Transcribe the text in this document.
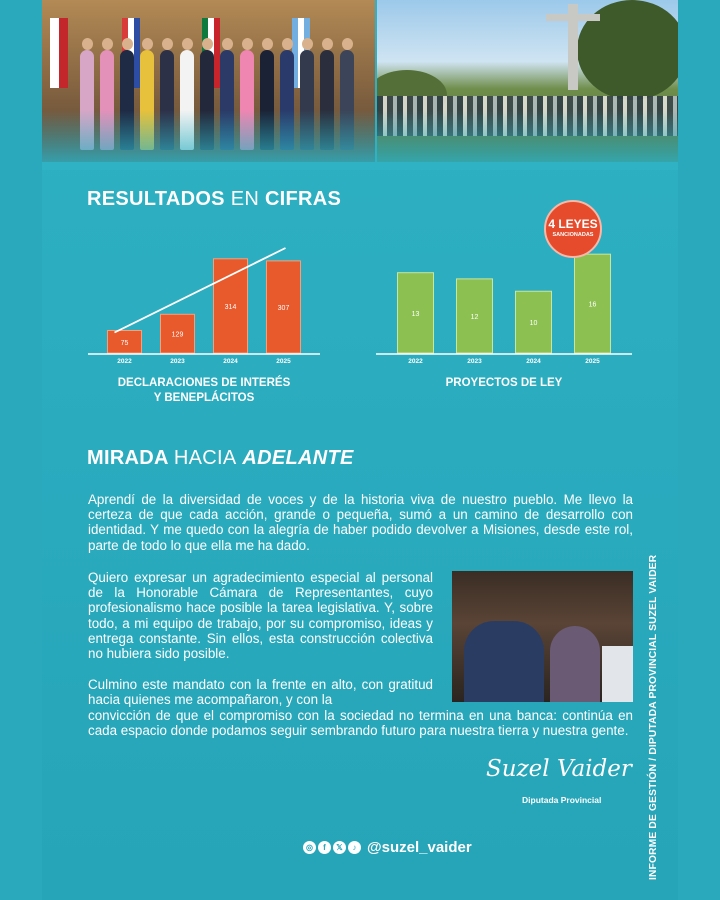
RESULTADOS EN CIFRAS
75
2022
129
2023
314
2024
307
2025
DECLARACIONES DE INTERÉS
Y BENEPLÁCITOS
13
2022
12
2023
10
2024
16
2025
PROYECTOS DE LEY
4 LEYES
SANCIONADAS
MIRADA HACIA ADELANTE

Aprendí de la diversidad de voces y de la historia viva de nuestro pueblo. Me llevo la certeza de que cada acción, grande o pequeña, sumó a un camino de desarrollo con identidad. Y me quedo con la alegría de haber podido devolver a Misiones, desde este rol, parte de todo lo que ella me ha dado.

Quiero expresar un agradecimiento especial al personal de la Honorable Cámara de Representantes, cuyo profesionalismo hace posible la tarea legislativa. Y, sobre todo, a mi equipo de trabajo, por su compromiso, ideas y entrega constante. Sin ellos, esta construcción colectiva no hubiera sido posible.

Culmino este mandato con la frente en alto, con gratitud hacia quienes me acompañaron, y con la

convicción de que el compromiso con la sociedad no termina en una banca: continúa en cada espacio donde podamos seguir sembrando futuro para nuestra tierra y nuestra gente.

Suzel Vaider
Diputada Provincial	INFORME DE GESTIÓN / DIPUTADA PROVINCIAL SUZEL VAIDER
◎	f	𝕏	♪ @suzel_vaider
